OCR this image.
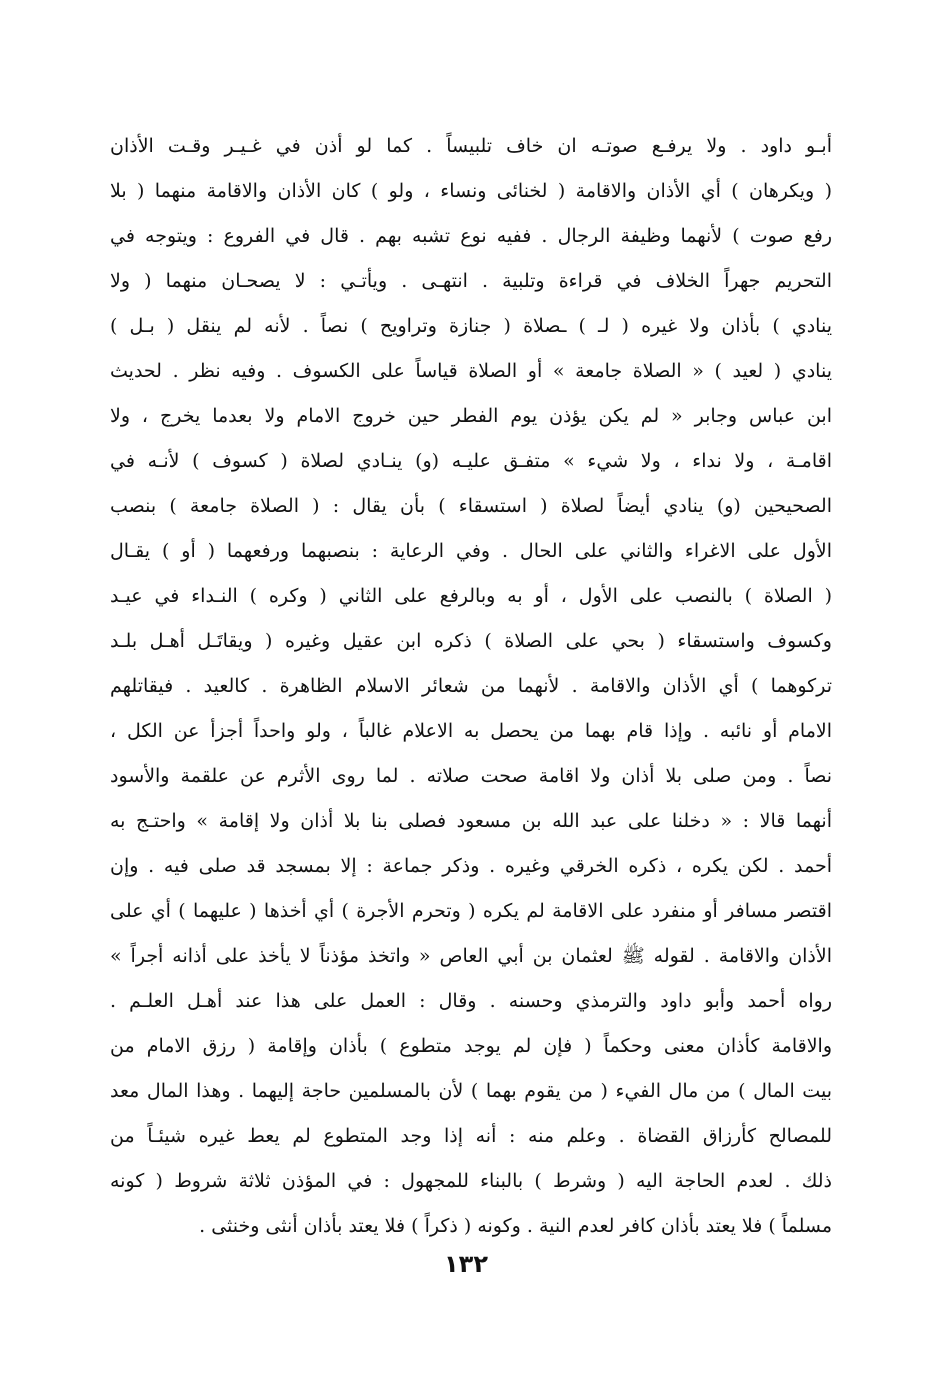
أبـو داود . ولا يرفـع صوتـه ان خاف تلبيساً . كما لو أذن في غـيـر وقـت الأذان
( ويكرهان ) أي الأذان والاقامة ( لخنائى ونساء ، ولو ) كان الأذان والاقامة منهما ( بلا
رفع صوت ) لأنهما وظيفة الرجال . ففيه نوع تشبه بهم . قال في الفروع : ويتوجه في
التحريم جهراً الخلاف في قراءة وتلبية . انتهـى . ويأتـي : لا يصحـان منهما ( ولا
ينادي ) بأذان ولا غيره ( لـ ) ـصلاة ( جنازة وتراويح ) نصاً . لأنه لم ينقل ( بـل )
ينادي ( لعيد ) « الصلاة جامعة » أو الصلاة قياساً على الكسوف . وفيه نظر . لحديث
ابن عباس وجابر « لم يكن يؤذن يوم الفطر حين خروج الامام ولا بعدما يخرج ، ولا
اقامـة ، ولا نداء ، ولا شيء » متفـق عليـه (و) ينـادي لصلاة ( كسوف ) لأنـه في
الصحيحين (و) ينادي أيضاً لصلاة ( استسقاء ) بأن يقال : ( الصلاة جامعة ) بنصب
الأول على الاغراء والثاني على الحال . وفي الرعاية : بنصبهما ورفعهما ( أو ) يقـال
( الصلاة ) بالنصب على الأول ، أو به وبالرفع على الثاني ( وكره ) النـداء في عيـد
وكسوف واستسقاء ( بحي على الصلاة ) ذكره ابن عقيل وغيره ( ويقاتَـل أهـل بلـد
تركوهما ) أي الأذان والاقامة . لأنهما من شعائر الاسلام الظاهرة . كالعيد . فيقاتلهم
الامام أو نائبه . وإذا قام بهما من يحصل به الاعلام غالباً ، ولو واحداً أجزأ عن الكل ،
نصاً . ومن صلى بلا أذان ولا اقامة صحت صلاته . لما روى الأثرم عن علقمة والأسود
أنهما قالا : « دخلنا على عبد الله بن مسعود فصلى بنا بلا أذان ولا إقامة » واحتـج به
أحمد . لكن يكره ، ذكره الخرقي وغيره . وذكر جماعة : إلا بمسجد قد صلى فيه . وإن
اقتصر مسافر أو منفرد على الاقامة لم يكره ( وتحرم الأجرة ) أي أخذها ( عليهما ) أي على
الأذان والاقامة . لقوله ﷺ لعثمان بن أبي العاص « واتخذ مؤذناً لا يأخذ على أذانه أجراً »
رواه أحمد وأبو داود والترمذي وحسنه . وقال : العمل على هذا عند أهـل العلـم .
والاقامة كأذان معنى وحكماً ( فإن لم يوجد متطوع ) بأذان وإقامة ( رزق الامام من
بيت المال ) من مال الفيء ( من يقوم بهما ) لأن بالمسلمين حاجة إليهما . وهذا المال معد
للمصالح كأرزاق القضاة . وعلم منه : أنه إذا وجد المتطوع لم يعط غيره شيئـاً من
ذلك . لعدم الحاجة اليه ( وشرط ) بالبناء للمجهول : في المؤذن ثلاثة شروط ( كونه
مسلماً ) فلا يعتد بأذان كافر لعدم النية . وكونه ( ذكراً ) فلا يعتد بأذان أنثى وخنثى .
١٣٢
